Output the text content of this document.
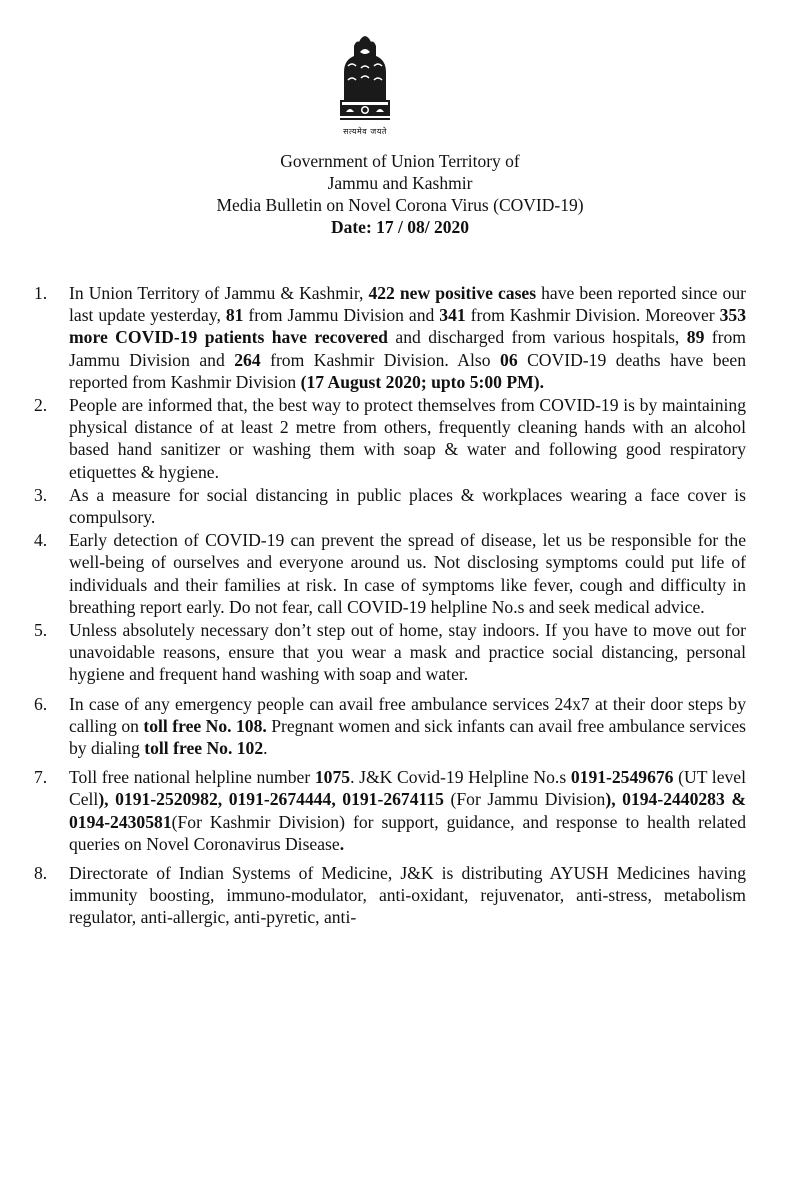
सत्यमेव जयते
Government of Union Territory of
Jammu and Kashmir
Media Bulletin on Novel Corona Virus (COVID-19)
Date: 17 / 08/ 2020
1. In Union Territory of Jammu & Kashmir, 422 new positive cases have been reported since our last update yesterday, 81 from Jammu Division and 341 from Kashmir Division. Moreover 353 more COVID-19 patients have recovered and discharged from various hospitals, 89 from Jammu Division and 264 from Kashmir Division. Also 06 COVID-19 deaths have been reported from Kashmir Division (17 August 2020; upto 5:00 PM).
2. People are informed that, the best way to protect themselves from COVID-19 is by maintaining physical distance of at least 2 metre from others, frequently cleaning hands with an alcohol based hand sanitizer or washing them with soap & water and following good respiratory etiquettes & hygiene.
3. As a measure for social distancing in public places & workplaces wearing a face cover is compulsory.
4. Early detection of COVID-19 can prevent the spread of disease, let us be responsible for the well-being of ourselves and everyone around us. Not disclosing symptoms could put life of individuals and their families at risk. In case of symptoms like fever, cough and difficulty in breathing report early. Do not fear, call COVID-19 helpline No.s and seek medical advice.
5. Unless absolutely necessary don’t step out of home, stay indoors. If you have to move out for unavoidable reasons, ensure that you wear a mask and practice social distancing, personal hygiene and frequent hand washing with soap and water.
6. In case of any emergency people can avail free ambulance services 24x7 at their door steps by calling on toll free No. 108. Pregnant women and sick infants can avail free ambulance services by dialing toll free No. 102.
7. Toll free national helpline number 1075. J&K Covid-19 Helpline No.s 0191-2549676 (UT level Cell), 0191-2520982, 0191-2674444, 0191-2674115 (For Jammu Division), 0194-2440283 & 0194-2430581(For Kashmir Division) for support, guidance, and response to health related queries on Novel Coronavirus Disease.
8. Directorate of Indian Systems of Medicine, J&K is distributing AYUSH Medicines having immunity boosting, immuno-modulator, anti-oxidant, rejuvenator, anti-stress, metabolism regulator, anti-allergic, anti-pyretic, anti-
